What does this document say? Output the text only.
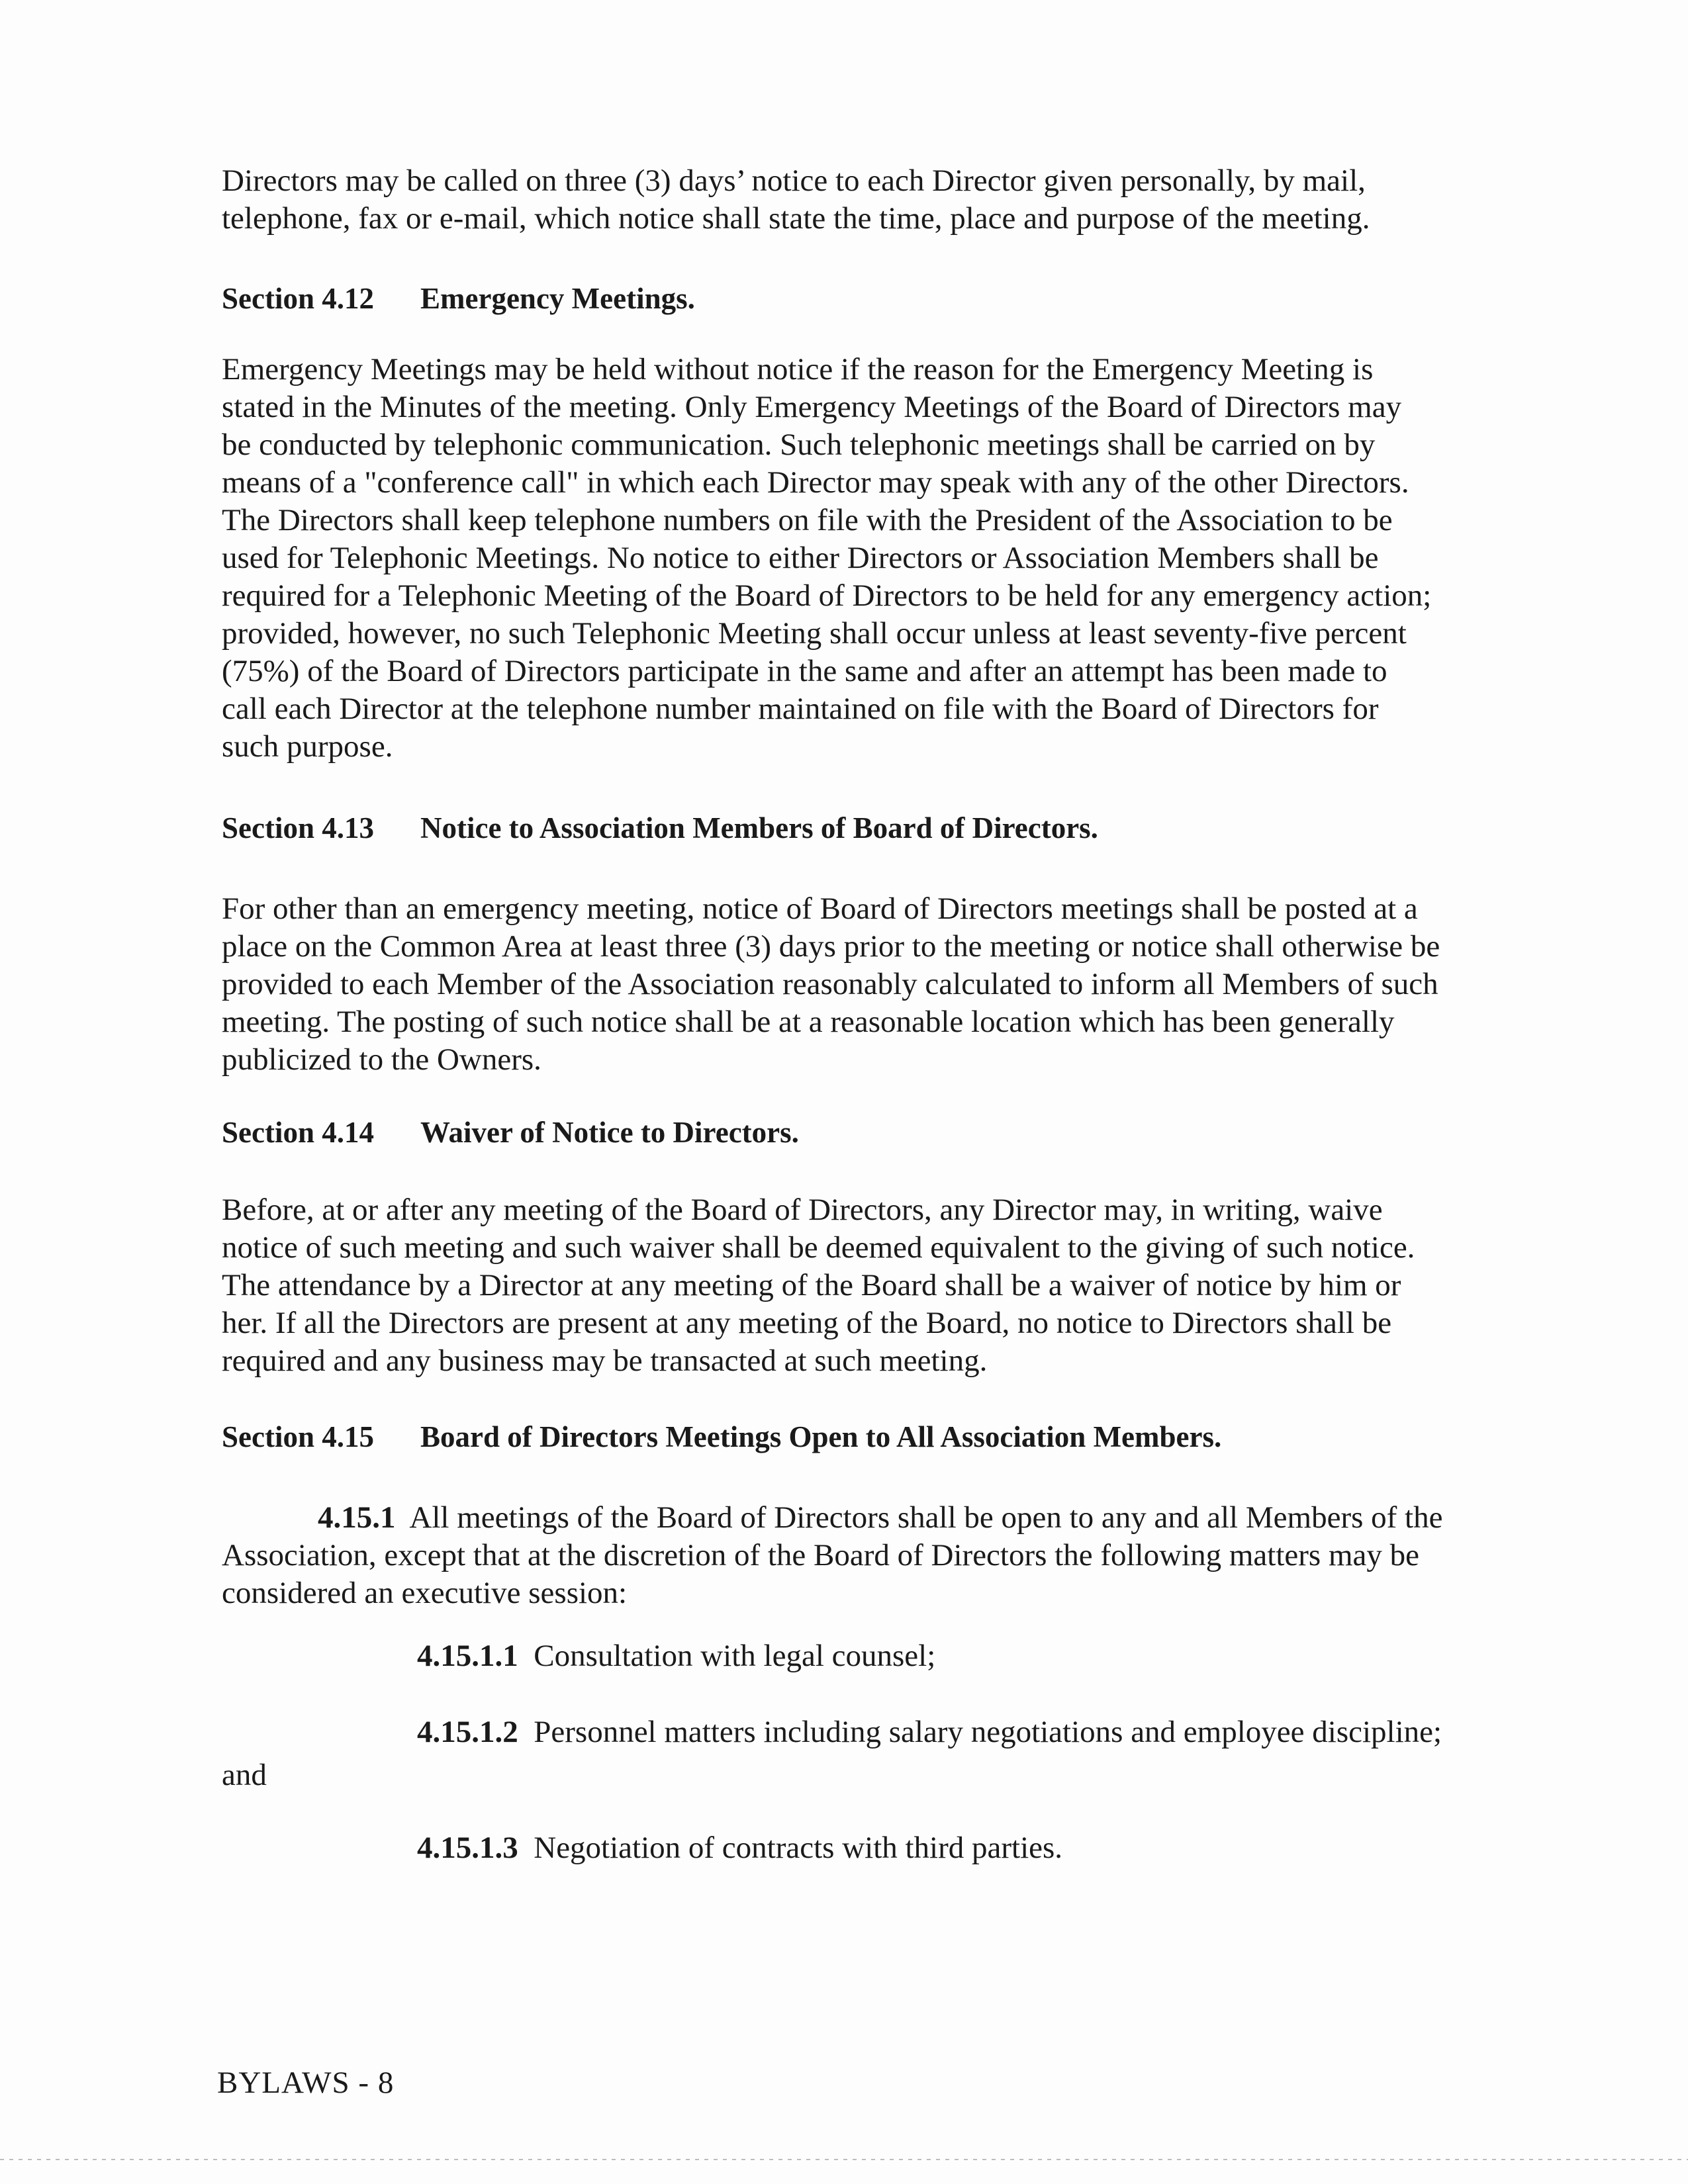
Directors may be called on three (3) days’ notice to each Director given personally, by mail,
telephone, fax or e-mail, which notice shall state the time, place and purpose of the meeting.

Section 4.12 Emergency Meetings.

Emergency Meetings may be held without notice if the reason for the Emergency Meeting is
stated in the Minutes of the meeting. Only Emergency Meetings of the Board of Directors may
be conducted by telephonic communication. Such telephonic meetings shall be carried on by
means of a "conference call" in which each Director may speak with any of the other Directors.
The Directors shall keep telephone numbers on file with the President of the Association to be
used for Telephonic Meetings. No notice to either Directors or Association Members shall be
required for a Telephonic Meeting of the Board of Directors to be held for any emergency action;
provided, however, no such Telephonic Meeting shall occur unless at least seventy-five percent
(75%) of the Board of Directors participate in the same and after an attempt has been made to
call each Director at the telephone number maintained on file with the Board of Directors for
such purpose.

Section 4.13 Notice to Association Members of Board of Directors.

For other than an emergency meeting, notice of Board of Directors meetings shall be posted at a
place on the Common Area at least three (3) days prior to the meeting or notice shall otherwise be
provided to each Member of the Association reasonably calculated to inform all Members of such
meeting. The posting of such notice shall be at a reasonable location which has been generally
publicized to the Owners.

Section 4.14 Waiver of Notice to Directors.

Before, at or after any meeting of the Board of Directors, any Director may, in writing, waive
notice of such meeting and such waiver shall be deemed equivalent to the giving of such notice.
The attendance by a Director at any meeting of the Board shall be a waiver of notice by him or
her. If all the Directors are present at any meeting of the Board, no notice to Directors shall be
required and any business may be transacted at such meeting.

Section 4.15 Board of Directors Meetings Open to All Association Members.

4.15.1 All meetings of the Board of Directors shall be open to any and all Members of the
Association, except that at the discretion of the Board of Directors the following matters may be
considered an executive session:

4.15.1.1 Consultation with legal counsel;

4.15.1.2 Personnel matters including salary negotiations and employee discipline;

and

4.15.1.3 Negotiation of contracts with third parties.

BYLAWS - 8
